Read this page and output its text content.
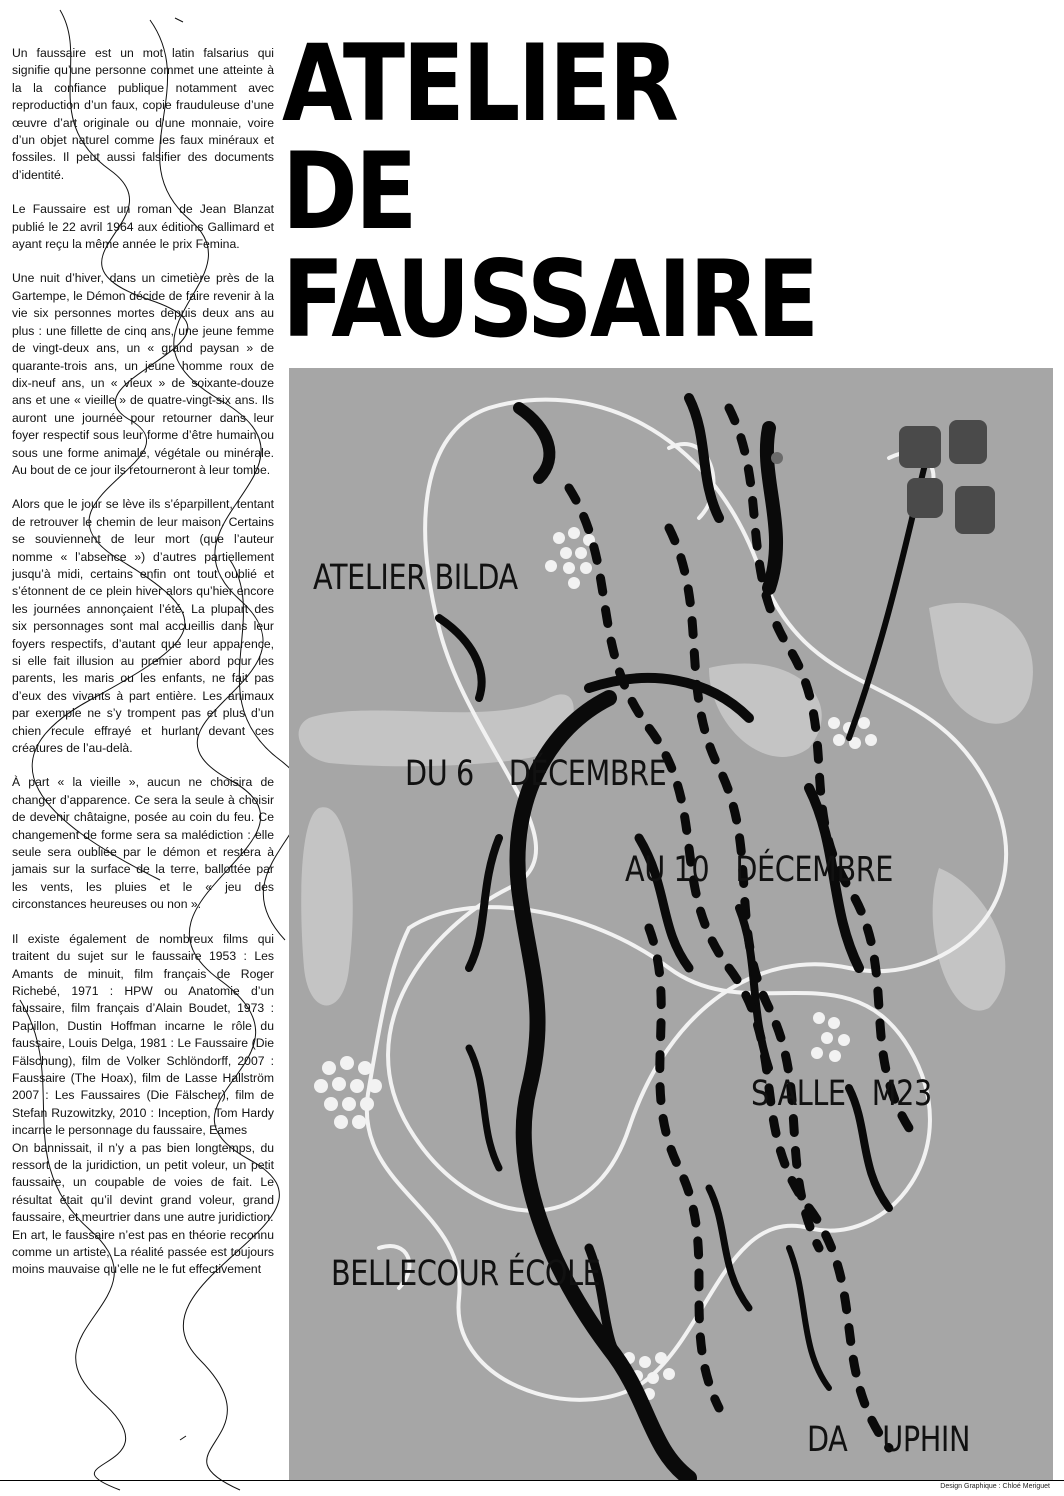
ATELIER
DE
FAUSSAIRE

Un faussaire est un mot latin falsarius qui signifie qu’une personne commet une atteinte à la la confiance publique notamment avec reproduction d’un faux, copie frauduleuse d’une œuvre d’art originale ou d’une monnaie, voire d’un objet naturel comme les faux minéraux et fossiles. Il peut aussi falsifier des documents d’identité.

Le Faussaire est un roman de Jean Blanzat publié le 22 avril 1964 aux éditions Gallimard et ayant reçu la même année le prix Femina.

Une nuit d’hiver, dans un cimetière près de la Gartempe, le Démon décide de faire revenir à la vie six personnes mortes depuis deux ans au plus : une fillette de cinq ans, une jeune femme de vingt-deux ans, un « grand paysan » de quarante-trois ans, un jeune homme roux de dix-neuf ans, un « vieux » de soixante-douze ans et une « vieille » de quatre-vingt-six ans. Ils auront une journée pour retourner dans leur foyer respectif sous leur forme d’être humain ou sous une forme animale, végétale ou minérale. Au bout de ce jour ils retourneront à leur tombe.

Alors que le jour se lève ils s’éparpillent, tentant de retrouver le chemin de leur maison. Certains se souviennent de leur mort (que l’auteur nomme « l’absence ») d’autres partiellement jusqu’à midi, certains enfin ont tout oublié et s’étonnent de ce plein hiver alors qu’hier encore les journées annonçaient l’été. La plupart des six personnages sont mal accueillis dans leur foyers respectifs, d’autant que leur apparence, si elle fait illusion au premier abord pour les parents, les maris ou les enfants, ne fait pas d’eux des vivants à part entière. Les animaux par exemple ne s’y trompent pas et plus d’un chien recule effrayé et hurlant devant ces créatures de l’au-delà.

À part « la vieille », aucun ne choisira de changer d’apparence. Ce sera la seule à choisir de devenir châtaigne, posée au coin du feu. Ce changement de forme sera sa malédiction : elle seule sera oubliée par le démon et restera à jamais sur la surface de la terre, ballottée par les vents, les pluies et le « jeu des circonstances heureuses ou non ».

Il existe également de nombreux films qui traitent du sujet sur le faussaire 1953 : Les Amants de minuit, film français de Roger Richebé, 1971 : HPW ou Anatomie d’un faussaire, film français d’Alain Boudet, 1973 : Papillon, Dustin Hoffman incarne le rôle du faussaire, Louis Delga, 1981 : Le Faussaire (Die Fälschung), film de Volker Schlöndorff, 2007 : Faussaire (The Hoax), film de Lasse Hallström 2007 : Les Faussaires (Die Fälscher), film de Stefan Ruzowitzky, 2010 : Inception, Tom Hardy incarne le personnage du faussaire, Eames

On bannissait, il n’y a pas bien longtemps, du ressort de la juridiction, un petit voleur, un petit faussaire, un coupable de voies de fait. Le résultat était qu’il devint grand voleur, grand faussaire, et meurtrier dans une autre juridiction.

En art, le faussaire n’est pas en théorie reconnu comme un artiste, La réalité passée est toujours moins mauvaise qu’elle ne le fut effectivement

ATELIER BILDA

DU 6    DÉCEMBRE

AU 10   DÉCEMBRE

S ALLE   M23

BELLECOUR ÉCOLE

DA    UPHIN

Design Graphique : Chloé Meriguet
